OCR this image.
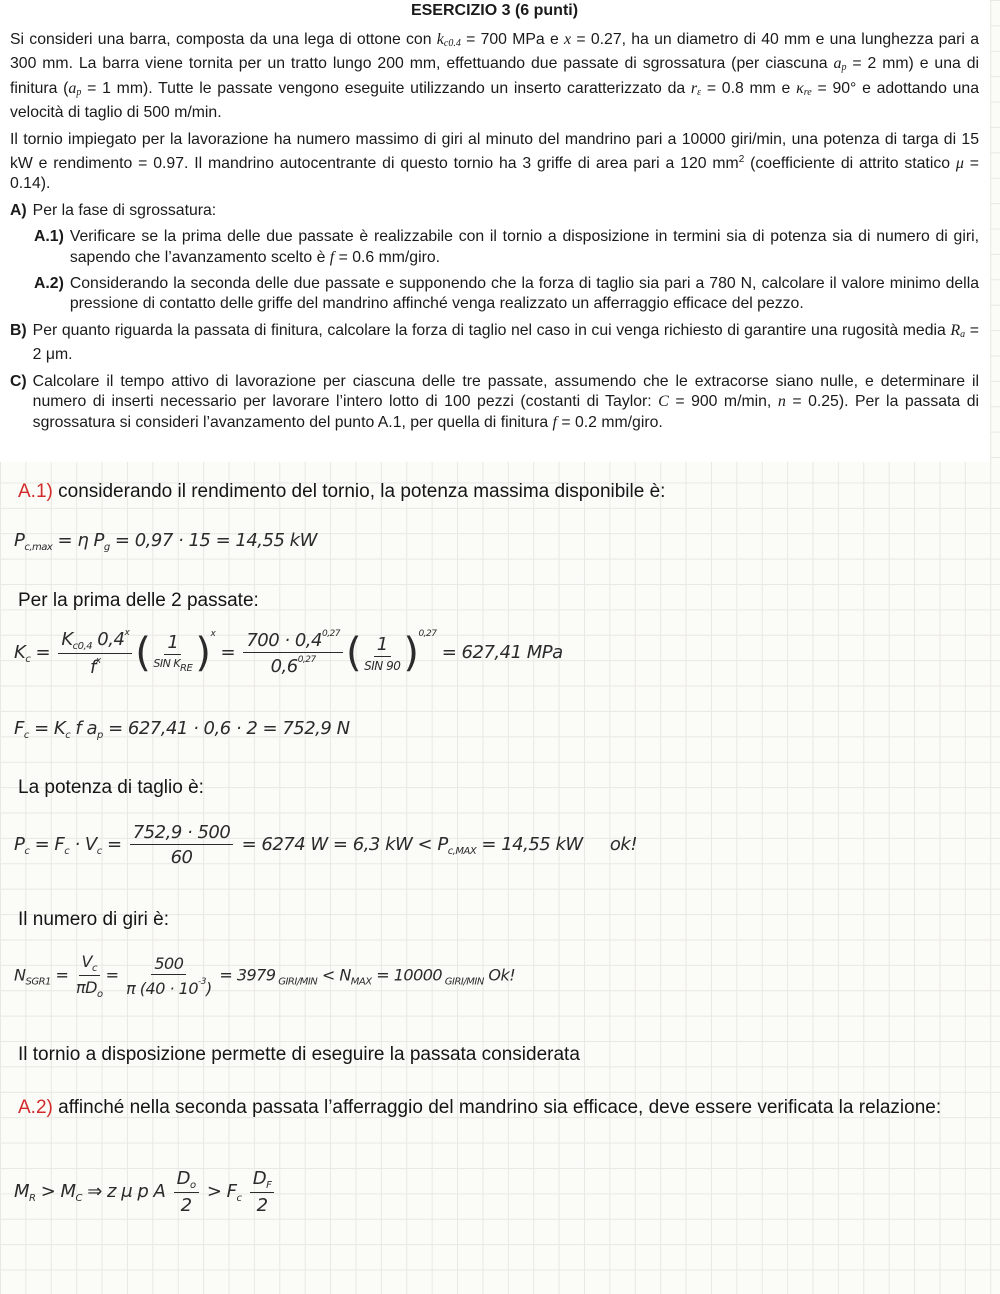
ESERCIZIO 3 (6 punti)
Si consideri una barra, composta da una lega di ottone con $k_{c0.4} = 700$ MPa e x = 0.27, ha un diametro di 40 mm e una lunghezza pari a 300 mm. La barra viene tornita per un tratto lungo 200 mm, effettuando due passate di sgrossatura (per ciascuna $a_p = 2$ mm) e una di finitura ($a_p = 1$ mm). Tutte le passate vengono eseguite utilizzando un inserto caratterizzato da $r_\varepsilon = 0.8$ mm e $\kappa_{re} = 90^\circ$ e adottando una velocità di taglio di 500 m/min.
Il tornio impiegato per la lavorazione ha numero massimo di giri al minuto del mandrino pari a 10000 giri/min, una potenza di targa di 15 kW e rendimento = 0.97. Il mandrino autocentrante di questo tornio ha 3 griffe di area pari a 120 $mm^2$ (coefficiente di attrito statico μ = 0.14).
A) Per la fase di sgrossatura:
A.1) Verificare se la prima delle due passate è realizzabile con il tornio a disposizione in termini sia di potenza sia di numero di giri, sapendo che l’avanzamento scelto è f = 0.6 mm/giro.
A.2) Considerando la seconda delle due passate e supponendo che la forza di taglio sia pari a 780 N, calcolare il valore minimo della pressione di contatto delle griffe del mandrino affinché venga realizzato un afferraggio efficace del pezzo.
B) Per quanto riguarda la passata di finitura, calcolare la forza di taglio nel caso in cui venga richiesto di garantire una rugosità media $R_a = 2$ μm.
C) Calcolare il tempo attivo di lavorazione per ciascuna delle tre passate, assumendo che le extracorse siano nulle, e determinare il numero di inserti necessario per lavorare l’intero lotto di 100 pezzi (costanti di Taylor: C = 900 m/min, n = 0.25). Per la passata di sgrossatura si consideri l’avanzamento del punto A.1, per quella di finitura f = 0.2 mm/giro.
A.1) considerando il rendimento del tornio, la potenza massima disponibile è:
$P_{c,max} = \eta$ $P_g = 0,97 \cdot 15 = 14,55$ kW
Per la prima delle 2 passate:
$K_c = \frac{K_{c0,4} 0,4^x}{f^x}$ ( $\frac{1}{\text{SIN KRE}} )^x = \frac{700 \cdot 0,4^{0,27}}{0,6^{0,27}}$ ( $\frac{1}{\text{SIN 90}} )^{0,27} = 627,41$ MPa
$F_c = K_c$ f $a_p = 627,41 \cdot 0,6 \cdot 2 = 752,9$ N
La potenza di taglio è:
$P_c = F_c \cdot V_c = \frac{752,9 \cdot 500}{60} = 6274$ W = 6,3 kW < $P_{c,MAX} = 14,55$ kW ok!
Il numero di giri è:
$N_{SGR1} = \frac{V_c}{\pi D_o} = \frac{500}{\pi (40 \cdot 10^{-3})} = 3979$ $_{GIRI/MIN} < N_{MAX} = 10000$ $_{GIRI/MIN}$ Ok!
Il tornio a disposizione permette di eseguire la passata considerata
A.2) affinché nella seconda passata l’afferraggio del mandrino sia efficace, deve essere verificata la relazione:
$M_R > M_C$ ⇒ z μ p A $\frac{D_o}{2} > F_c \frac{D_F}{2}$
